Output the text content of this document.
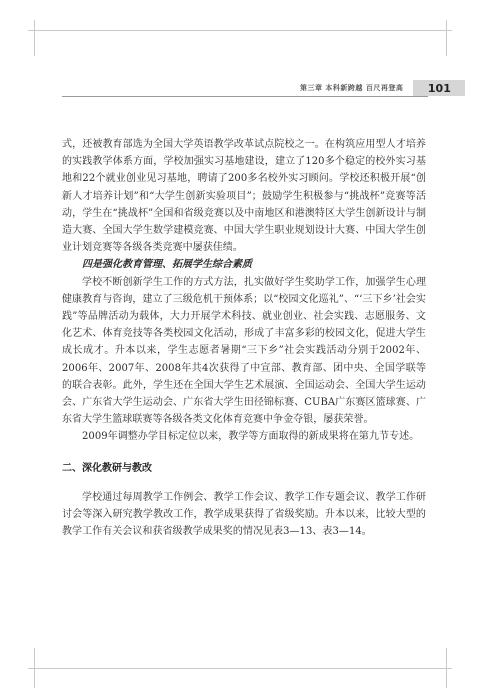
第三章 本科新跨越 百尺再登高	101

式，还被教育部选为全国大学英语教学改革试点院校之一。在构筑应用型人才培养的实践教学体系方面，学校加强实习基地建设，建立了120多个稳定的校外实习基地和22个就业创业见习基地，聘请了200多名校外实习顾问。学校还积极开展“创新人才培养计划”和“大学生创新实验项目”；鼓励学生积极参与“挑战杯”竞赛等活动，学生在“挑战杯”全国和省级竞赛以及中南地区和港澳特区大学生创新设计与制造大赛、全国大学生数学建模竞赛、中国大学生职业规划设计大赛、中国大学生创业计划竞赛等各级各类竞赛中屡获佳绩。

四是强化教育管理、拓展学生综合素质

学校不断创新学生工作的方式方法，扎实做好学生奖助学工作，加强学生心理健康教育与咨询，建立了三级危机干预体系；以“校园文化巡礼”、“‘三下乡’社会实践”等品牌活动为载体，大力开展学术科技、就业创业、社会实践、志愿服务、文化艺术、体育竞技等各类校园文化活动，形成了丰富多彩的校园文化，促进大学生成长成才。升本以来，学生志愿者暑期“三下乡”社会实践活动分别于2002年、2006年、2007年、2008年共4次获得了中宣部、教育部、团中央、全国学联等的联合表彰。此外，学生还在全国大学生艺术展演、全国运动会、全国大学生运动会、广东省大学生运动会、广东省大学生田径锦标赛、CUBA广东赛区篮球赛、广东省大学生篮球联赛等各级各类文化体育竞赛中争金夺银，屡获荣誉。

2009年调整办学目标定位以来，教学等方面取得的新成果将在第九节专述。

二、深化教研与教改

学校通过每周教学工作例会、教学工作会议、教学工作专题会议、教学工作研讨会等深入研究教学教改工作，教学成果获得了省级奖励。升本以来，比较大型的教学工作有关会议和获省级教学成果奖的情况见表3—13、表3—14。
